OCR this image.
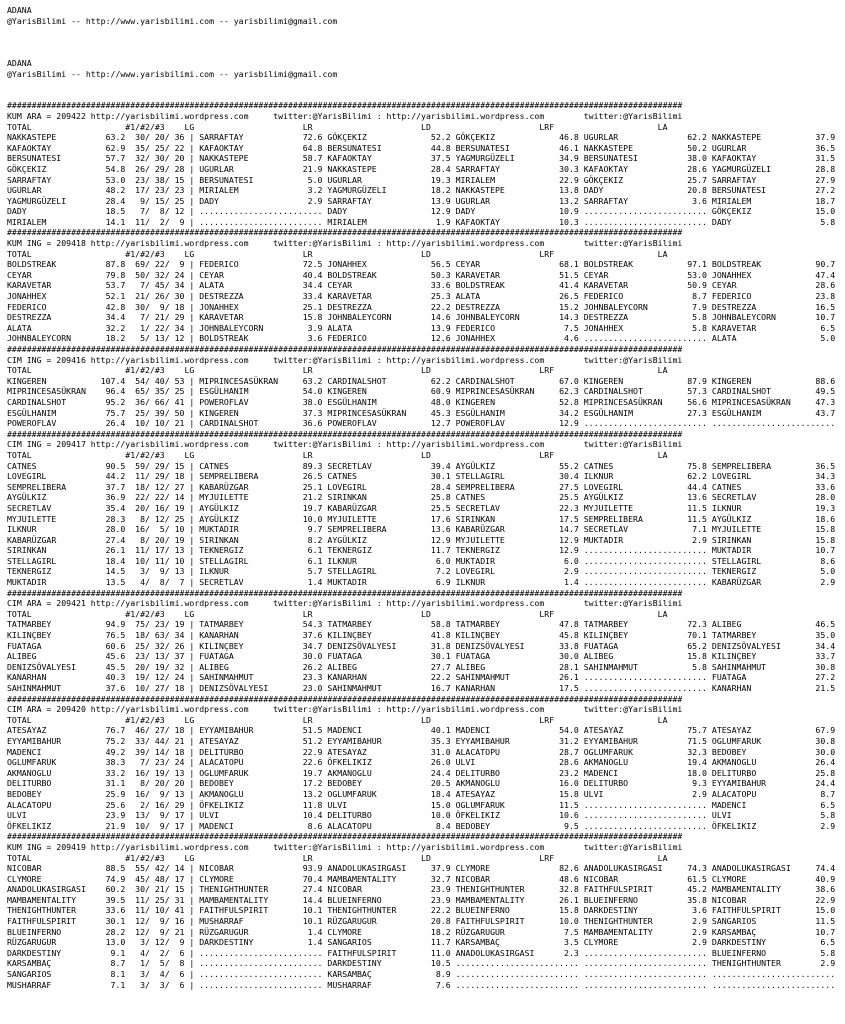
ADANA
@YarisBilimi -- http://www.yarisbilimi.com -- yarisbilimi@gmail.com
ADANA
@YarisBilimi -- http://www.yarisbilimi.com -- yarisbilimi@gmail.com
#########################################################################################################################################
KUM ARA = 209422 http://yarisbilimi.wordpress.com     twitter:@YarisBilimi : http://yarisbilimi.wordpress.com        twitter:@YarisBilimi
TOTAL                   #1/#2/#3    LG                      LR                      LD                      LRF                     LA
NAKKASTEPE          63.2  30/ 20/ 36 | SARRAFTAY            72.6 GÖKÇEKIZ             52.2 GÖKÇEKIZ             46.8 UGURLAR              62.2 NAKKASTEPE           37.9
KAFAOKTAY           62.9  35/ 25/ 22 | KAFAOKTAY            64.8 BERSUNATESI          44.8 BERSUNATESI          46.1 NAKKASTEPE           50.2 UGURLAR              36.5
BERSUNATESI         57.7  32/ 30/ 20 | NAKKASTEPE           58.7 KAFAOKTAY            37.5 YAGMURGÜZELI         34.9 BERSUNATESI          38.0 KAFAOKTAY            31.5
GÖKÇEKIZ            54.8  26/ 29/ 28 | UGURLAR              21.9 NAKKASTEPE           28.4 SARRAFTAY            30.3 KAFAOKTAY            28.6 YAGMURGÜZELI         28.8
SARRAFTAY           53.0  23/ 38/ 15 | BERSUNATESI           5.0 UGURLAR              19.3 MIRIALEM             22.9 GÖKÇEKIZ             25.7 SARRAFTAY            27.9
UGURLAR             48.2  17/ 23/ 23 | MIRIALEM              3.2 YAGMURGÜZELI         18.2 NAKKASTEPE           13.8 DADY                 20.8 BERSUNATESI          27.2
YAGMURGÜZELI        28.4   9/ 15/ 25 | DADY                  2.9 SARRAFTAY            13.9 UGURLAR              13.2 SARRAFTAY             3.6 MIRIALEM             18.7
DADY                18.5   7/  8/ 12 | ......................... DADY                 12.9 DADY                 10.9 ......................... GÖKÇEKIZ             15.0
MIRIALEM            14.1  11/  2/  9 | ......................... MIRIALEM              1.9 KAFAOKTAY            10.3 ......................... DADY                  5.8
#########################################################################################################################################
KUM ING = 209418 http://yarisbilimi.wordpress.com     twitter:@YarisBilimi : http://yarisbilimi.wordpress.com        twitter:@YarisBilimi
TOTAL                   #1/#2/#3    LG                      LR                      LD                      LRF                     LA
BOLDSTREAK          87.8  69/ 22/  9 | FEDERICO             72.5 JONAHHEX             56.5 CEYAR                68.1 BOLDSTREAK           97.1 BOLDSTREAK           90.7
CEYAR               79.8  50/ 32/ 24 | CEYAR                40.4 BOLDSTREAK           50.3 KARAVETAR            51.5 CEYAR                53.0 JONAHHEX             47.4
KARAVETAR           53.7   7/ 45/ 34 | ALATA                34.4 CEYAR                33.6 BOLDSTREAK           41.4 KARAVETAR            50.9 CEYAR                28.6
JONAHHEX            52.1  21/ 26/ 30 | DESTREZZA            33.4 KARAVETAR            25.3 ALATA                26.5 FEDERICO              8.7 FEDERICO             23.8
FEDERICO            42.8  30/  9/ 18 | JONAHHEX             25.1 DESTREZZA            22.2 DESTREZZA            15.2 JOHNBALEYCORN         7.9 DESTREZZA            16.5
DESTREZZA           34.4   7/ 21/ 29 | KARAVETAR            15.8 JOHNBALEYCORN        14.6 JOHNBALEYCORN        14.3 DESTREZZA             5.8 JOHNBALEYCORN        10.7
ALATA               32.2   1/ 22/ 34 | JOHNBALEYCORN         3.9 ALATA                13.9 FEDERICO              7.5 JONAHHEX              5.8 KARAVETAR             6.5
JOHNBALEYCORN       18.2   5/ 13/ 12 | BOLDSTREAK            3.6 FEDERICO             12.6 JONAHHEX              4.6 ......................... ALATA                 5.0
#########################################################################################################################################
CIM ING = 209416 http://yarisbilimi.wordpress.com     twitter:@YarisBilimi : http://yarisbilimi.wordpress.com        twitter:@YarisBilimi
TOTAL                   #1/#2/#3    LG                      LR                      LD                      LRF                     LA
KINGEREN           107.4  54/ 40/ 53 | MIPRINCESASÜKRAN     63.2 CARDINALSHOT         62.2 CARDINALSHOT         67.0 KINGEREN             87.9 KINGEREN             88.6
MIPRINCESASÜKRAN    96.4  65/ 35/ 25 | ESGÜLHANIM           54.0 KINGEREN             60.9 MIPRINCESASÜKRAN     62.3 CARDINALSHOT         57.3 CARDINALSHOT         49.5
CARDINALSHOT        95.2  36/ 66/ 41 | POWEROFLAV           38.0 ESGÜLHANIM           48.0 KINGEREN             52.8 MIPRINCESASÜKRAN     56.6 MIPRINCESASÜKRAN     47.3
ESGÜLHANIM          75.7  25/ 39/ 50 | KINGEREN             37.3 MIPRINCESASÜKRAN     45.3 ESGÜLHANIM           34.2 ESGÜLHANIM           27.3 ESGÜLHANIM           43.7
POWEROFLAV          26.4  10/ 10/ 21 | CARDINALSHOT         36.6 POWEROFLAV           12.7 POWEROFLAV           12.9 ......................... .........................
#########################################################################################################################################
CIM ING = 209417 http://yarisbilimi.wordpress.com     twitter:@YarisBilimi : http://yarisbilimi.wordpress.com        twitter:@YarisBilimi
TOTAL                   #1/#2/#3    LG                      LR                      LD                      LRF                     LA
CATNES              90.5  59/ 29/ 15 | CATNES               89.3 SECRETLAV            39.4 AYGÜLKIZ             55.2 CATNES               75.8 SEMPRELIBERA         36.5
LOVEGIRL            44.2  11/ 29/ 18 | SEMPRELIBERA         26.5 CATNES               30.1 STELLAGIRL           30.4 ILKNUR               62.2 LOVEGIRL             34.3
SEMPRELIBERA        37.7  18/ 12/ 27 | KABARÜZGAR           25.1 LOVEGIRL             28.4 SEMPRELIBERA         27.5 LOVEGIRL             44.4 CATNES               33.6
AYGÜLKIZ            36.9  22/ 22/ 14 | MYJUILETTE           21.2 SIRINKAN             25.8 CATNES               25.5 AYGÜLKIZ             13.6 SECRETLAV            28.0
SECRETLAV           35.4  20/ 16/ 19 | AYGÜLKIZ             19.7 KABARÜZGAR           25.5 SECRETLAV            22.3 MYJUILETTE           11.5 ILKNUR               19.3
MYJUILETTE          28.3   8/ 12/ 25 | AYGÜLKIZ             10.0 MYJUILETTE           17.6 SIRINKAN             17.5 SEMPRELIBERA         11.5 AYGÜLKIZ             18.6
ILKNUR              28.0  16/  5/ 10 | MUKTADIR              9.7 SEMPRELIBERA         13.6 KABARÜZGAR           14.7 SECRETLAV             7.1 MYJUILETTE           15.8
KABARÜZGAR          27.4   8/ 20/ 19 | SIRINKAN              8.2 AYGÜLKIZ             12.9 MYJUILETTE           12.9 MUKTADIR              2.9 SIRINKAN             15.8
SIRINKAN            26.1  11/ 17/ 13 | TEKNERGIZ             6.1 TEKNERGIZ            11.7 TEKNERGIZ            12.9 ......................... MUKTADIR             10.7
STELLAGIRL          18.4  10/ 11/ 10 | STELLAGIRL            6.1 ILKNUR                6.0 MUKTADIR              6.0 ......................... STELLAGIRL            8.6
TEKNERGIZ           14.5   3/  9/ 13 | ILKNUR                5.7 STELLAGIRL            7.2 LOVEGIRL              2.9 ......................... TEKNERGIZ             5.0
MUKTADIR            13.5   4/  8/  7 | SECRETLAV             1.4 MUKTADIR              6.9 ILKNUR                1.4 ......................... KABARÜZGAR            2.9
#########################################################################################################################################
CIM ARA = 209421 http://yarisbilimi.wordpress.com     twitter:@YarisBilimi : http://yarisbilimi.wordpress.com        twitter:@YarisBilimi
TOTAL                   #1/#2/#3    LG                      LR                      LD                      LRF                     LA
TATMARBEY           94.9  75/ 23/ 19 | TATMARBEY            54.3 TATMARBEY            58.8 TATMARBEY            47.8 TATMARBEY            72.3 ALIBEG               46.5
KILINÇBEY           76.5  18/ 63/ 34 | KANARHAN             37.6 KILINÇBEY            41.8 KILINÇBEY            45.8 KILINÇBEY            70.1 TATMARBEY            35.0
FUATAGA             60.6  25/ 32/ 26 | KILINÇBEY            34.7 DENIZSÖVALYESI       31.8 DENIZSÖVALYESI       33.8 FUATAGA              65.2 DENIZSÖVALYESI       34.4
ALIBEG              45.6  23/ 13/ 37 | FUATAGA              30.0 FUATAGA              30.1 FUATAGA              30.0 ALIBEG               15.8 KILINÇBEY            33.7
DENIZSÖVALYESI      45.5  20/ 19/ 32 | ALIBEG               26.2 ALIBEG               27.7 ALIBEG               28.1 SAHINMAHMUT           5.8 SAHINMAHMUT          30.8
KANARHAN            40.3  19/ 12/ 24 | SAHINMAHMUT          23.3 KANARHAN             22.2 SAHINMAHMUT          26.1 ......................... FUATAGA              27.2
SAHINMAHMUT         37.6  10/ 27/ 18 | DENIZSÖVALYESI       23.0 SAHINMAHMUT          16.7 KANARHAN             17.5 ......................... KANARHAN             21.5
#########################################################################################################################################
CIM ARA = 209420 http://yarisbilimi.wordpress.com     twitter:@YarisBilimi : http://yarisbilimi.wordpress.com        twitter:@YarisBilimi
TOTAL                   #1/#2/#3    LG                      LR                      LD                      LRF                     LA
ATESAYAZ            76.7  46/ 27/ 18 | EYYAMIBAHUR          51.5 MADENCI              40.1 MADENCI              54.0 ATESAYAZ             75.7 ATESAYAZ             67.9
EYYAMIBAHUR         75.2  33/ 44/ 21 | ATESAYAZ             51.2 EYYAMIBAHUR          35.3 EYYAMIBAHUR          31.2 EYYAMIBAHUR          71.5 OGLUMFARUK           30.8
MADENCI             49.2  39/ 14/ 18 | DELITURBO            22.9 ATESAYAZ             31.0 ALACATOPU            28.7 OGLUMFARUK           32.3 BEDOBEY              30.0
OGLUMFARUK          38.3   7/ 23/ 24 | ALACATOPU            22.6 ÖFKELIKIZ            26.0 ULVI                 28.6 AKMANOGLU            19.4 AKMANOGLU            26.4
AKMANOGLU           33.2  16/ 19/ 13 | OGLUMFARUK           19.7 AKMANOGLU            24.4 DELITURBO            23.2 MADENCI              18.0 DELITURBO            25.8
DELITURBO           31.1   8/ 20/ 20 | BEDOBEY              17.2 BEDOBEY              20.5 AKMANOGLU            16.0 DELITURBO             9.3 EYYAMIBAHUR          24.4
BEDOBEY             25.9  16/  9/ 13 | AKMANOGLU            13.2 OGLUMFARUK           18.4 ATESAYAZ             15.8 ULVI                  2.9 ALACATOPU             8.7
ALACATOPU           25.6   2/ 16/ 29 | ÖFKELIKIZ            11.8 ULVI                 15.0 OGLUMFARUK           11.5 ......................... MADENCI               6.5
ULVI                23.9  13/  9/ 17 | ULVI                 10.4 DELITURBO            10.0 ÖFKELIKIZ            10.6 ......................... ULVI                  5.8
ÖFKELIKIZ           21.9  10/  9/ 17 | MADENCI               8.6 ALACATOPU             8.4 BEDOBEY               9.5 ......................... ÖFKELIKIZ             2.9
#########################################################################################################################################
KUM ING = 209419 http://yarisbilimi.wordpress.com     twitter:@YarisBilimi : http://yarisbilimi.wordpress.com        twitter:@YarisBilimi
TOTAL                   #1/#2/#3    LG                      LR                      LD                      LRF                     LA
NICOBAR             88.5  55/ 42/ 14 | NICOBAR              93.9 ANADOLUKASIRGASI     37.9 CLYMORE              82.6 ANADOLUKASIRGASI     74.3 ANADOLUKASIRGASI     74.4
CLYMORE             74.9  45/ 48/ 17 | CLYMORE              70.4 MAMBAMENTALITY       32.7 NICOBAR              48.6 NICOBAR              61.5 CLYMORE              40.9
ANADOLUKASIRGASI    60.2  30/ 21/ 15 | THENIGHTHUNTER       27.4 NICOBAR              23.9 THENIGHTHUNTER       32.8 FAITHFULSPIRIT       45.2 MAMBAMENTALITY       38.6
MAMBAMENTALITY      39.5  11/ 25/ 31 | MAMBAMENTALITY       14.4 BLUEINFERNO          23.9 MAMBAMENTALITY       26.1 BLUEINFERNO          35.8 NICOBAR              22.9
THENIGHTHUNTER      33.6  11/ 10/ 41 | FAITHFULSPIRIT       10.1 THENIGHTHUNTER       22.2 BLUEINFERNO          15.8 DARKDESTINY           3.6 FAITHFULSPIRIT       15.0
FAITHFULSPIRIT      30.1  12/  9/ 16 | MUSHARRAF            10.1 RÜZGARUGUR           20.8 FAITHFULSPIRIT       10.0 THENIGHTHUNTER        2.9 SANGARIOS            11.5
BLUEINFERNO         28.2  12/  9/ 21 | RÜZGARUGUR            1.4 CLYMORE              18.2 RÜZGARUGUR            7.5 MAMBAMENTALITY        2.9 KARSAMBAÇ            10.7
RÜZGARUGUR          13.0   3/ 12/  9 | DARKDESTINY           1.4 SANGARIOS            11.7 KARSAMBAÇ             3.5 CLYMORE               2.9 DARKDESTINY           6.5
DARKDESTINY          9.1   4/  2/  6 | ......................... FAITHFULSPIRIT       11.0 ANADOLUKASIRGASI      2.3 ......................... BLUEINFERNO           5.8
KARSAMBAÇ            8.7   1/  5/  8 | ......................... DARKDESTINY          10.5 ......................... ......................... THENIGHTHUNTER        2.9
SANGARIOS            8.1   3/  4/  6 | ......................... KARSAMBAÇ             8.9 ......................... ......................... .........................
MUSHARRAF            7.1   3/  3/  6 | ......................... MUSHARRAF             7.6 ......................... ......................... .........................
